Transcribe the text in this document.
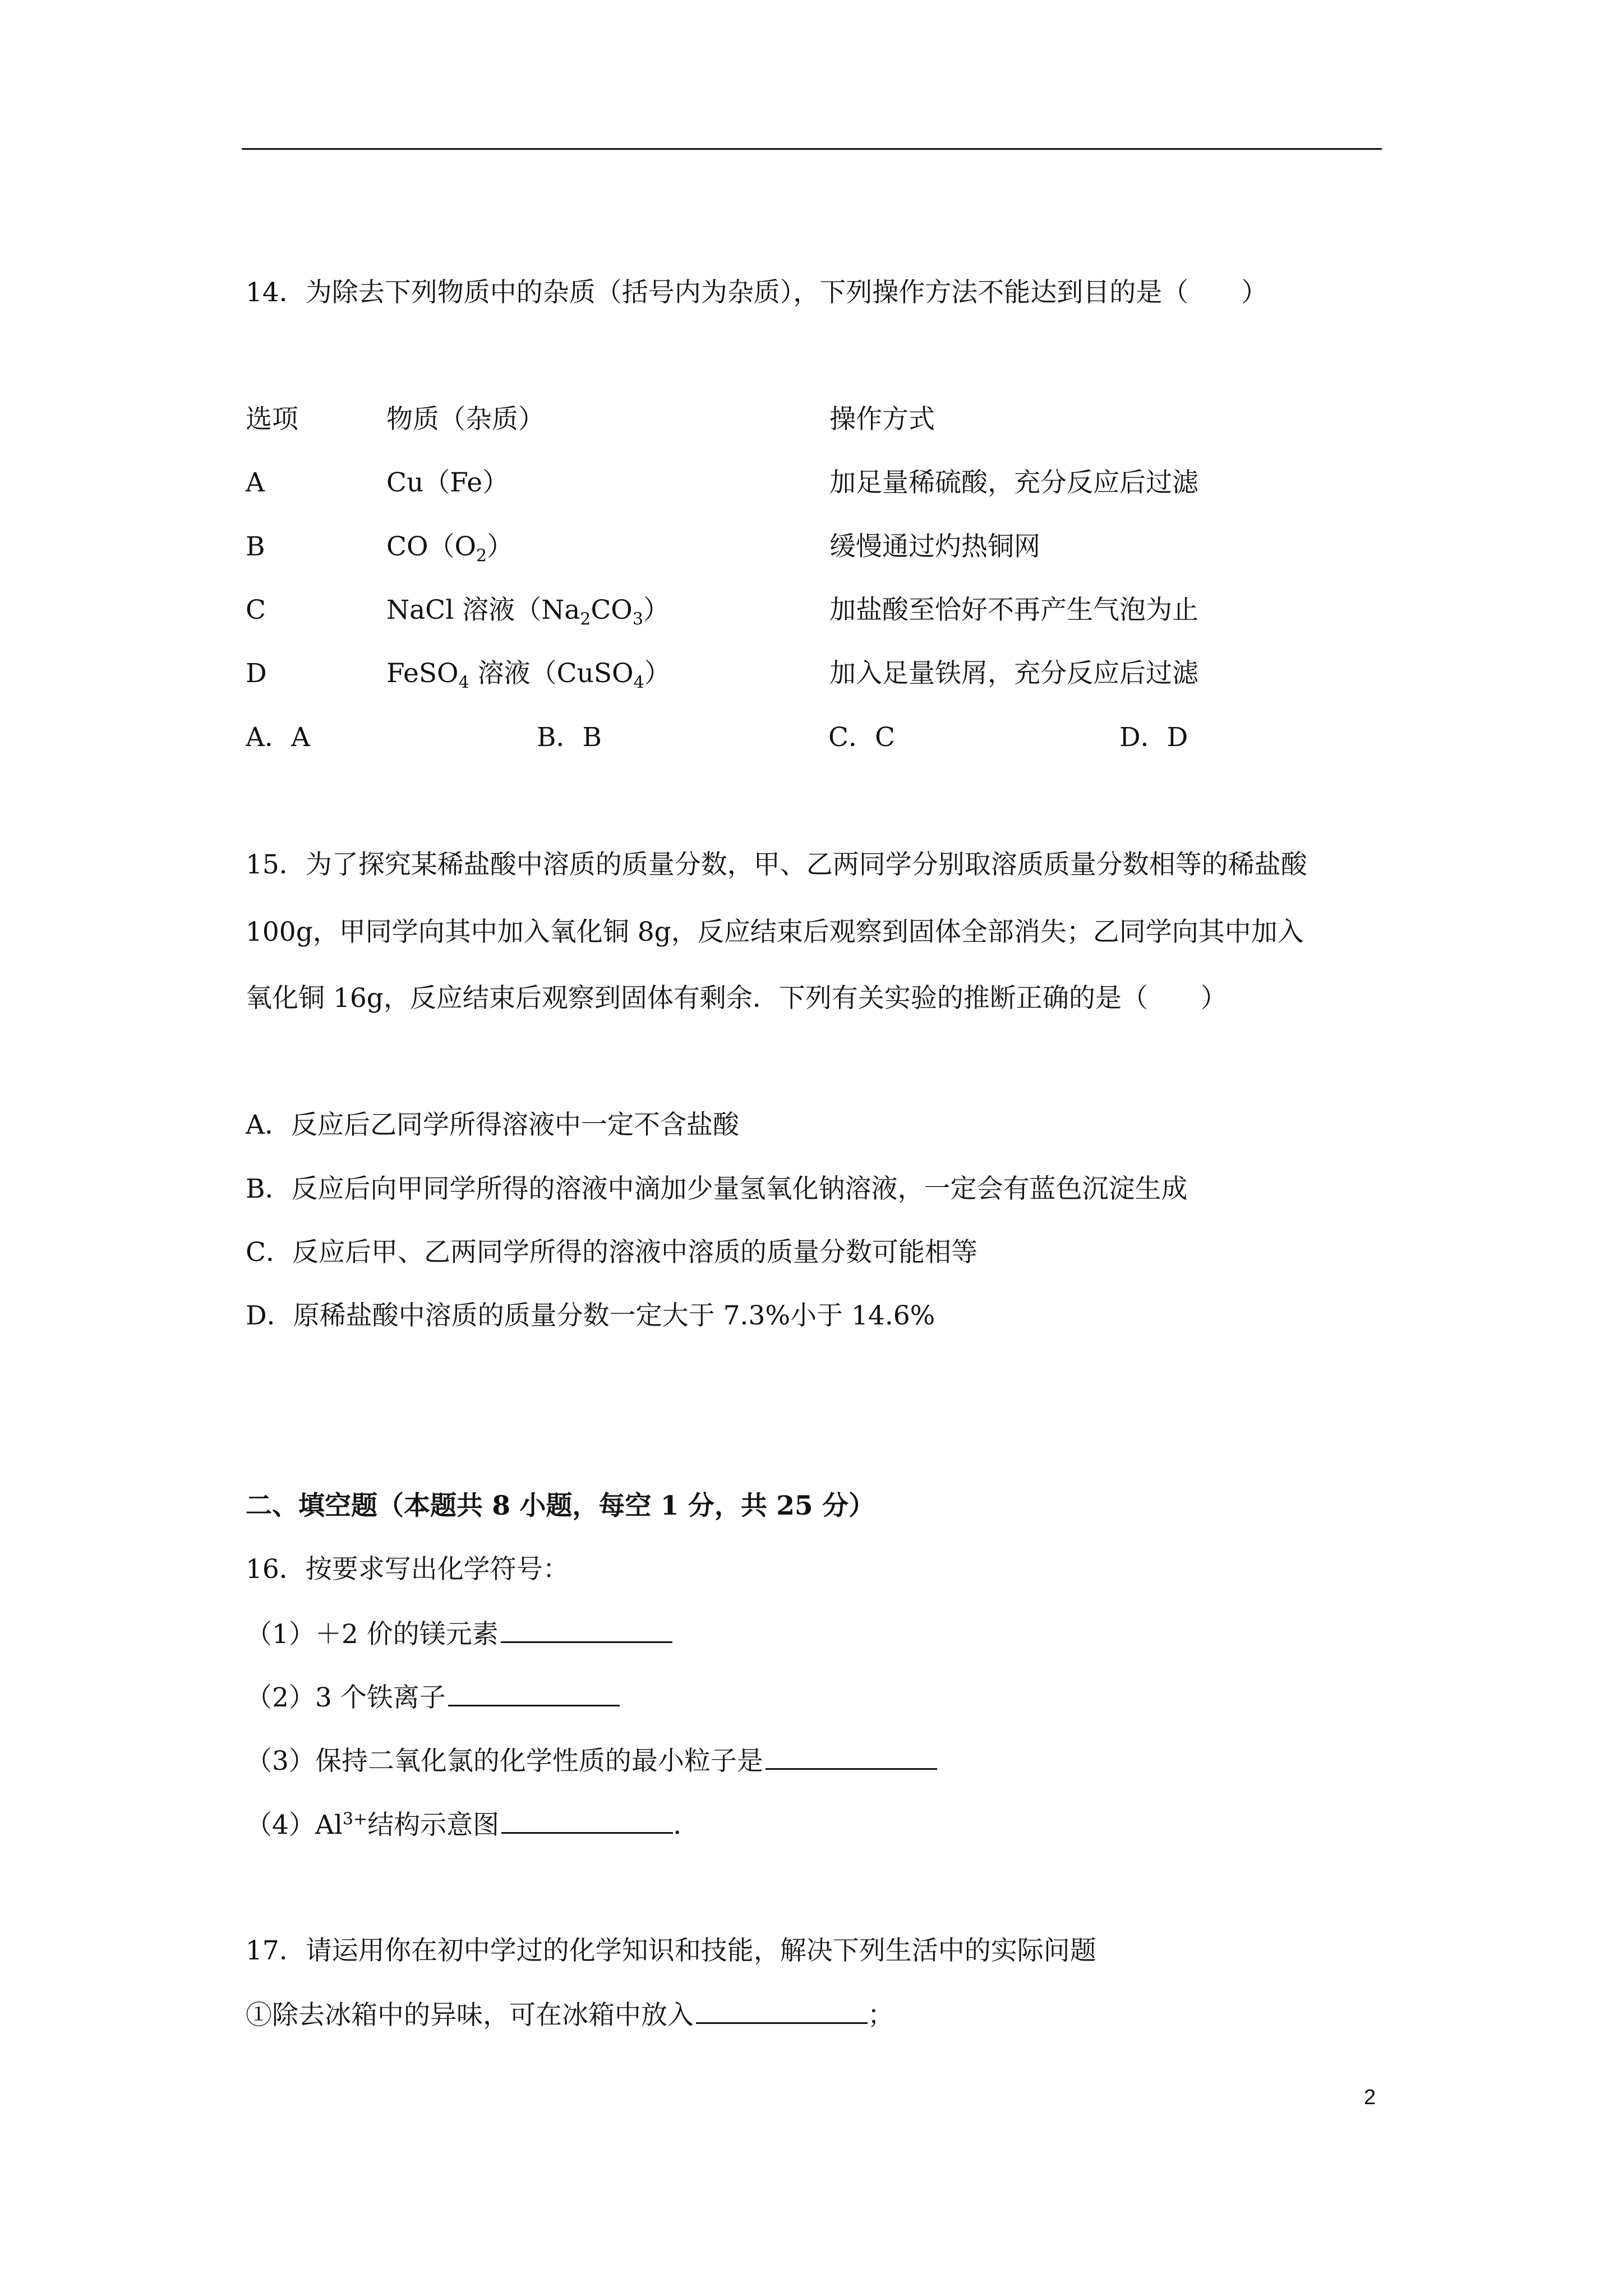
14．为除去下列物质中的杂质（括号内为杂质），下列操作方法不能达到目的是（　　）
选项	物质（杂质）	操作方式
A	Cu（Fe）	加足量稀硫酸，充分反应后过滤
B	$CO(O_2)$	缓慢通过灼热铜网
C	NaCl 溶液$(Na_2CO_3)$	加盐酸至恰好不再产生气泡为止
D	FeSO$_4$ 溶液（CuSO$_4$）	加入足量铁屑，充分反应后过滤
A．A	B．B	C．C	D．D
15．为了探究某稀盐酸中溶质的质量分数，甲、乙两同学分别取溶质质量分数相等的稀盐酸
100g，甲同学向其中加入氧化铜 8g，反应结束后观察到固体全部消失；乙同学向其中加入
氧化铜 16g，反应结束后观察到固体有剩余．下列有关实验的推断正确的是（　　）
A．反应后乙同学所得溶液中一定不含盐酸
B．反应后向甲同学所得的溶液中滴加少量氢氧化钠溶液，一定会有蓝色沉淀生成
C．反应后甲、乙两同学所得的溶液中溶质的质量分数可能相等
D．原稀盐酸中溶质的质量分数一定大于 7.3%小于 14.6%
二、填空题（本题共 8 小题，每空 1 分，共 25 分）
16．按要求写出化学符号：
（1）＋2 价的镁元素
（2）3 个铁离子
（3）保持二氧化氯的化学性质的最小粒子是
$(4)Al^{3+}$结构示意图	.
17．请运用你在初中学过的化学知识和技能，解决下列生活中的实际问题
①除去冰箱中的异味，可在冰箱中放入	；
2
